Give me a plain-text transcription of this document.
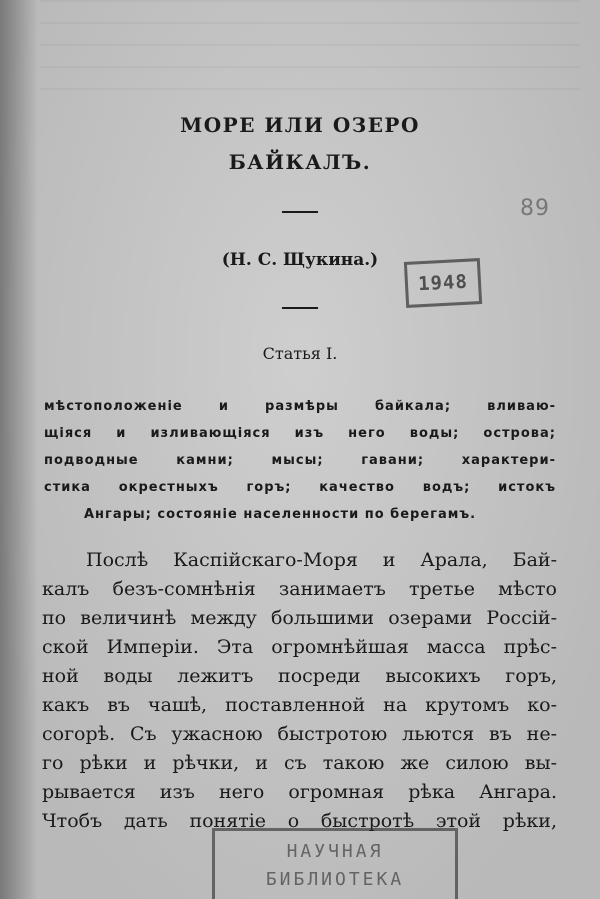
МОРЕ ИЛИ ОЗЕРО
БАЙКАЛЪ.
(Н. С. Щукина.)
Статья I.
мѣстоположеніе и размѣры байкала; вливаю-
щіяся и изливающіяся изъ него воды; острова;
подводные камни; мысы; гавани; характери-
стика окрестныхъ горъ; качество водъ; истокъ
Ангары; состояніе населенности по берегамъ.
Послѣ Каспійскаго-Моря и Арала, Бай-
калъ безъ-сомнѣнія занимаетъ третье мѣсто
по величинѣ между большими озерами Россій-
ской Имперіи. Эта огромнѣйшая масса прѣс-
ной воды лежитъ посреди высокихъ горъ,
какъ въ чашѣ, поставленной на крутомъ ко-
согорѣ. Съ ужасною быстротою льются въ не-
го рѣки и рѣчки, и съ такою же силою вы-
рывается изъ него огромная рѣка Ангара.
Чтобъ дать понятіе о быстротѣ этой рѣки,
1948
89
НАУЧНАЯ
БИБЛИОТЕКА
